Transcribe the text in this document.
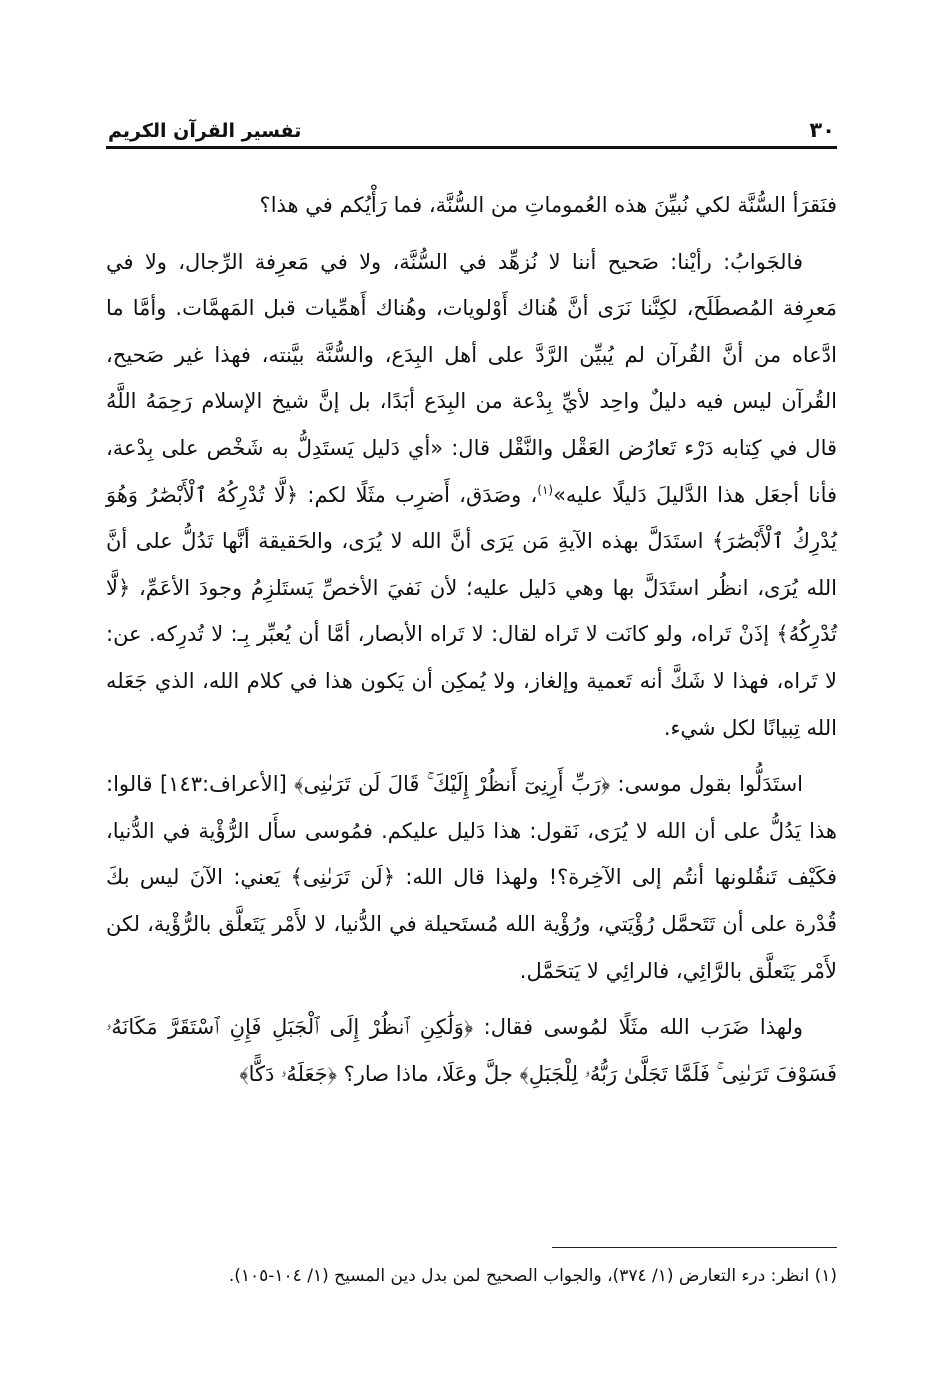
٣٠
تفسير القرآن الكريم

فنَقرَأ السُّنَّة لكي نُبيِّنَ هذه العُموماتِ من السُّنَّة، فما رَأْيُكم في هذا؟

فالجَوابُ: رأيْنا: صَحيح أننا لا نُزهِّد في السُّنَّة، ولا في مَعرِفة الرِّجال، ولا في مَعرِفة المُصطَلَح، لكِنَّنا نَرَى أنَّ هُناك أَوْلويات، وهُناك أَهمِّيات قبل المَهمَّات. وأمَّا ما ادَّعاه من أنَّ القُرآن لم يُبيِّن الرَّدَّ على أهل البِدَع، والسُّنَّة بيَّنته، فهذا غير صَحيح، القُرآن ليس فيه دليلٌ واحِد لأيِّ بِدْعة من البِدَع أبَدًا، بل إنَّ شيخ الإسلام رَحِمَهُ اللَّهُ قال في كِتابه دَرْء تَعارُض العَقْل والنَّقْل قال: «أي دَليل يَستَدِلُّ به شَخْص على بِدْعة، فأنا أجعَل هذا الدَّليلَ دَليلًا عليه»$^{(١)}$، وصَدَق، أَضرِب مثَلًا لكم: ﴿لَّا تُدْرِكُهُ ٱلْأَبْصَٰرُ وَهُوَ يُدْرِكُ ٱلْأَبْصَٰرَ﴾ استَدَلَّ بهذه الآيةِ مَن يَرَى أنَّ الله لا يُرَى، والحَقيقة أنَّها تَدُلُّ على أنَّ الله يُرَى، انظُر استَدَلَّ بها وهي دَليل عليه؛ لأن نَفيَ الأخصِّ يَستَلزِمُ وجودَ الأعَمِّ، ﴿لَّا تُدْرِكُهُ﴾ إذَنْ تَراه، ولو كانَت لا تَراه لقال: لا تَراه الأبصار، أمَّا أن يُعبِّر بِـ: لا تُدرِكه. عن: لا تَراه، فهذا لا شَكَّ أنه تَعمية وإلغاز، ولا يُمكِن أن يَكون هذا في كلام الله، الذي جَعَله الله تِبيانًا لكل شيء.

استَدَلُّوا بقول موسى: ﴿رَبِّ أَرِنِىٓ أَنظُرْ إِلَيْكَ ۚ قَالَ لَن تَرَىٰنِى﴾ [الأعراف:١٤٣] قالوا: هذا يَدُلُّ على أن الله لا يُرَى، نَقول: هذا دَليل عليكم. فمُوسى سأَل الرُّؤْية في الدُّنيا، فكَيْف تَنقُلونها أنتُم إلى الآخِرة؟! ولهذا قال الله: ﴿لَن تَرَىٰنِى﴾ يَعني: الآنَ ليس بكَ قُدْرة على أن تَتَحمَّل رُؤْيَتي، ورُؤْية الله مُستَحيلة في الدُّنيا، لا لأَمْر يَتَعلَّق بالرُّؤْية، لكن لأَمْر يَتَعلَّق بالرَّائِي، فالرائِي لا يَتحَمَّل.

ولهذا ضَرَب الله مثَلًا لمُوسى فقال: ﴿وَلَٰكِنِ ٱنظُرْ إِلَى ٱلْجَبَلِ فَإِنِ ٱسْتَقَرَّ مَكَانَهُۥ فَسَوْفَ تَرَىٰنِى ۚ فَلَمَّا تَجَلَّىٰ رَبُّهُۥ لِلْجَبَلِ﴾ جلَّ وعَلَا، ماذا صار؟ ﴿جَعَلَهُۥ دَكًّا﴾

(١) انظر: درء التعارض (١/ ٣٧٤)، والجواب الصحيح لمن بدل دين المسيح (١/ ١٠٤-١٠٥).
